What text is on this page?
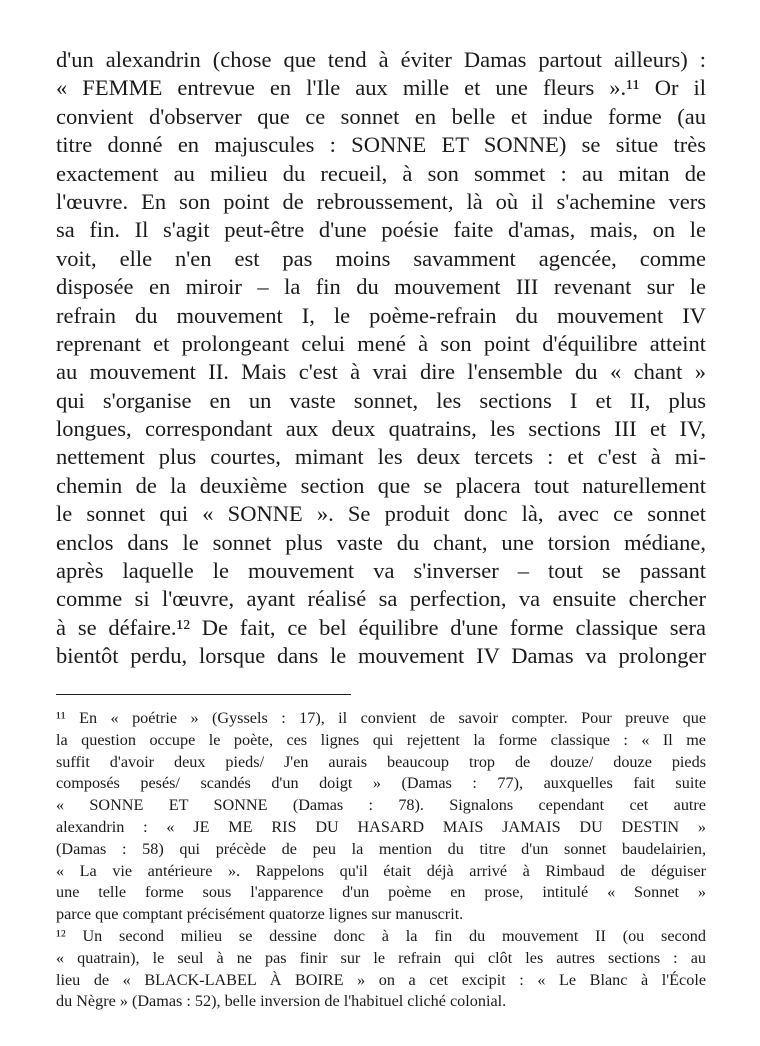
d'un alexandrin (chose que tend à éviter Damas partout ailleurs) :
« FEMME entrevue en l'Ile aux mille et une fleurs ».¹¹ Or il
convient d'observer que ce sonnet en belle et indue forme (au
titre donné en majuscules : SONNE ET SONNE) se situe très
exactement au milieu du recueil, à son sommet : au mitan de
l'œuvre. En son point de rebroussement, là où il s'achemine vers
sa fin. Il s'agit peut-être d'une poésie faite d'amas, mais, on le
voit, elle n'en est pas moins savamment agencée, comme
disposée en miroir – la fin du mouvement III revenant sur le
refrain du mouvement I, le poème-refrain du mouvement IV
reprenant et prolongeant celui mené à son point d'équilibre atteint
au mouvement II. Mais c'est à vrai dire l'ensemble du « chant »
qui s'organise en un vaste sonnet, les sections I et II, plus
longues, correspondant aux deux quatrains, les sections III et IV,
nettement plus courtes, mimant les deux tercets : et c'est à mi-
chemin de la deuxième section que se placera tout naturellement
le sonnet qui « SONNE ». Se produit donc là, avec ce sonnet
enclos dans le sonnet plus vaste du chant, une torsion médiane,
après laquelle le mouvement va s'inverser – tout se passant
comme si l'œuvre, ayant réalisé sa perfection, va ensuite chercher
à se défaire.¹² De fait, ce bel équilibre d'une forme classique sera
bientôt perdu, lorsque dans le mouvement IV Damas va prolonger
¹¹ En « poétrie » (Gyssels : 17), il convient de savoir compter. Pour preuve que
la question occupe le poète, ces lignes qui rejettent la forme classique : « Il me
suffit d'avoir deux pieds/ J'en aurais beaucoup trop de douze/ douze pieds
composés pesés/ scandés d'un doigt » (Damas : 77), auxquelles fait suite
« SONNE ET SONNE (Damas : 78). Signalons cependant cet autre
alexandrin : « JE ME RIS DU HASARD MAIS JAMAIS DU DESTIN »
(Damas : 58) qui précède de peu la mention du titre d'un sonnet baudelairien,
« La vie antérieure ». Rappelons qu'il était déjà arrivé à Rimbaud de déguiser
une telle forme sous l'apparence d'un poème en prose, intitulé « Sonnet »
parce que comptant précisément quatorze lignes sur manuscrit.
¹² Un second milieu se dessine donc à la fin du mouvement II (ou second
« quatrain), le seul à ne pas finir sur le refrain qui clôt les autres sections : au
lieu de « BLACK-LABEL À BOIRE » on a cet excipit : « Le Blanc à l'École
du Nègre » (Damas : 52), belle inversion de l'habituel cliché colonial.
